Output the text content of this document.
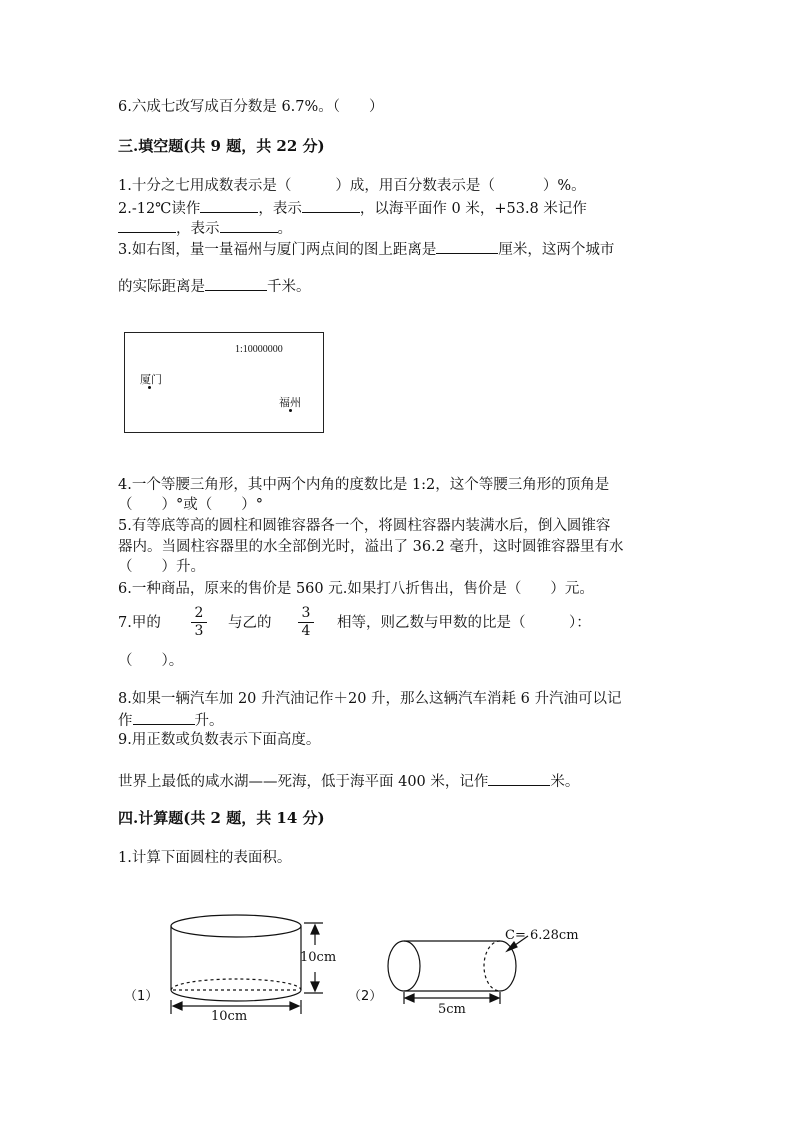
6.六成七改写成百分数是 6.7%。（　　）
三.填空题(共 9 题，共 22 分)
1.十分之七用成数表示是（	）成，用百分数表示是（	）%。
2.-12℃读作	，表示	，以海平面作 0 米，+53.8 米记作
，表示	。
3.如右图，量一量福州与厦门两点间的图上距离是	厘米，这两个城市
的实际距离是	千米。
1:10000000
厦门
福州
4.一个等腰三角形，其中两个内角的度数比是 1:2，这个等腰三角形的顶角是
（　　）°或（　　）°
5.有等底等高的圆柱和圆锥容器各一个，将圆柱容器内装满水后，倒入圆锥容
器内。当圆柱容器里的水全部倒光时，溢出了 36.2 毫升，这时圆锥容器里有水
（　　）升。
6.一种商品，原来的售价是 560 元.如果打八折售出，售价是（　　）元。
7.甲的
2
3 与乙的
3
4 相等，则乙数与甲数的比是（　　　）：
（　　）。
8.如果一辆汽车加 20 升汽油记作＋20 升，那么这辆汽车消耗 6 升汽油可以记
作	升。
9.用正数或负数表示下面高度。
世界上最低的咸水湖——死海，低于海平面 400 米，记作	米。
四.计算题(共 2 题，共 14 分)
1.计算下面圆柱的表面积。
（1）
10cm
10cm
（2）
C= 6.28cm
5cm
